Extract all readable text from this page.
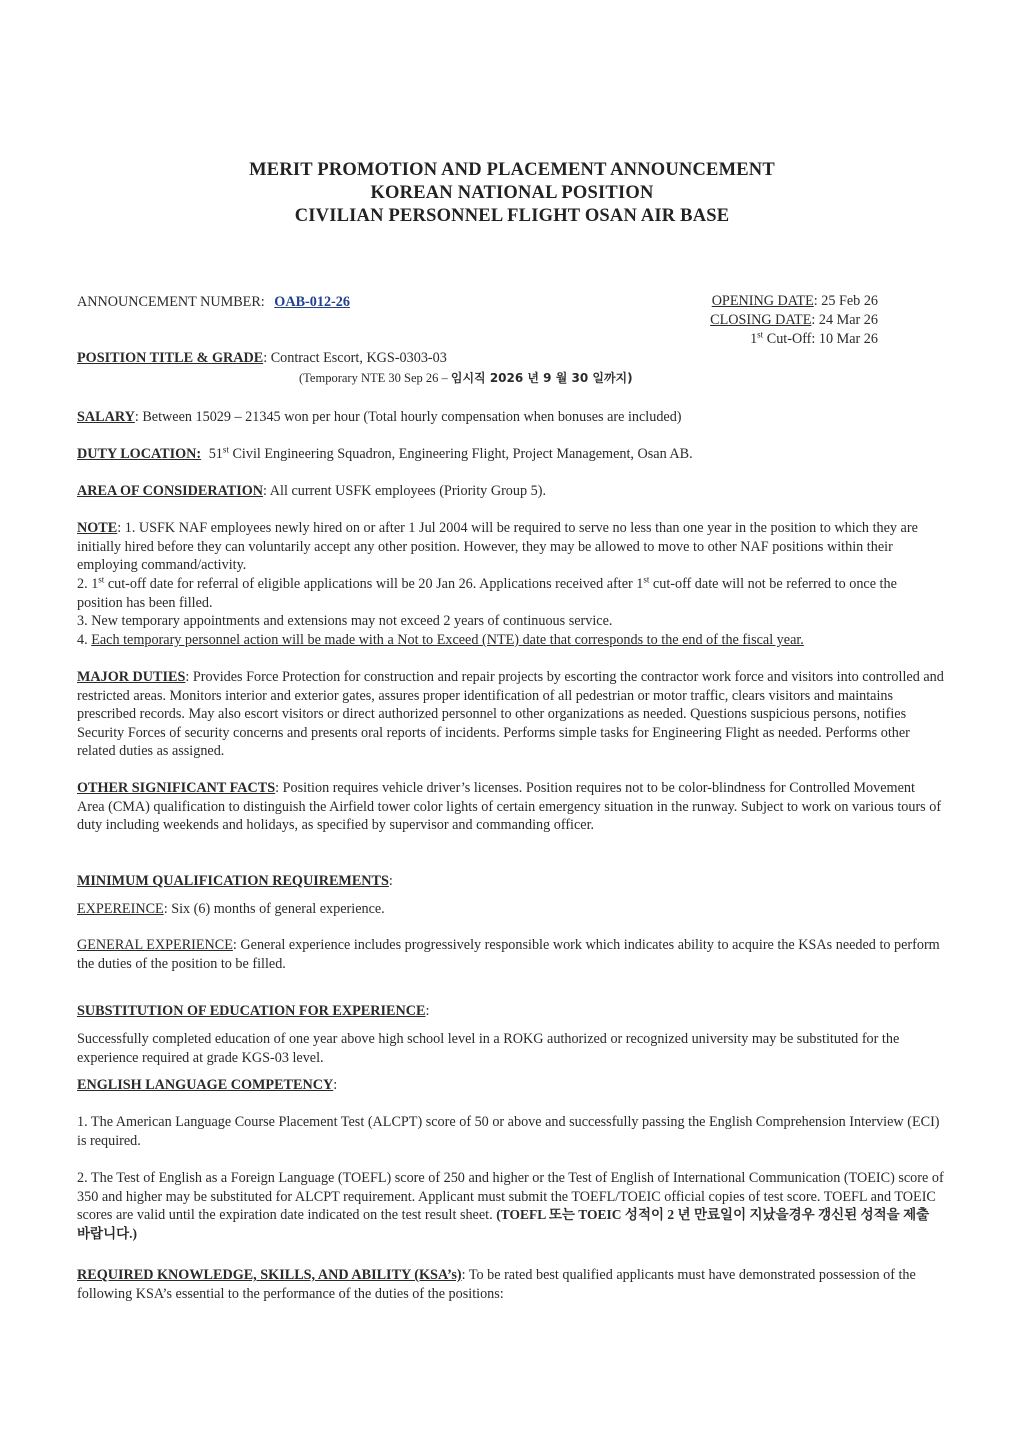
MERIT PROMOTION AND PLACEMENT ANNOUNCEMENT
KOREAN NATIONAL POSITION
CIVILIAN PERSONNEL FLIGHT OSAN AIR BASE
ANNOUNCEMENT NUMBER: OAB-012-26	OPENING DATE: 25 Feb 26
CLOSING DATE: 24 Mar 26
1st Cut-Off: 10 Mar 26
POSITION TITLE & GRADE: Contract Escort, KGS-0303-03
(Temporary NTE 30 Sep 26 – 임시직 2026 년 9 월 30 일까지)
SALARY: Between 15029 – 21345 won per hour (Total hourly compensation when bonuses are included)
DUTY LOCATION: 51st Civil Engineering Squadron, Engineering Flight, Project Management, Osan AB.
AREA OF CONSIDERATION: All current USFK employees (Priority Group 5).
NOTE: 1. USFK NAF employees newly hired on or after 1 Jul 2004 will be required to serve no less than one year in the position to which they are initially hired before they can voluntarily accept any other position. However, they may be allowed to move to other NAF positions within their employing command/activity.
2. 1st cut-off date for referral of eligible applications will be 20 Jan 26. Applications received after 1st cut-off date will not be referred to once the position has been filled.
3. New temporary appointments and extensions may not exceed 2 years of continuous service.
4. Each temporary personnel action will be made with a Not to Exceed (NTE) date that corresponds to the end of the fiscal year.
MAJOR DUTIES: Provides Force Protection for construction and repair projects by escorting the contractor work force and visitors into controlled and restricted areas. Monitors interior and exterior gates, assures proper identification of all pedestrian or motor traffic, clears visitors and maintains prescribed records. May also escort visitors or direct authorized personnel to other organizations as needed. Questions suspicious persons, notifies Security Forces of security concerns and presents oral reports of incidents. Performs simple tasks for Engineering Flight as needed. Performs other related duties as assigned.
OTHER SIGNIFICANT FACTS: Position requires vehicle driver’s licenses. Position requires not to be color-blindness for Controlled Movement Area (CMA) qualification to distinguish the Airfield tower color lights of certain emergency situation in the runway. Subject to work on various tours of duty including weekends and holidays, as specified by supervisor and commanding officer.
MINIMUM QUALIFICATION REQUIREMENTS:
EXPEREINCE: Six (6) months of general experience.
GENERAL EXPERIENCE: General experience includes progressively responsible work which indicates ability to acquire the KSAs needed to perform the duties of the position to be filled.
SUBSTITUTION OF EDUCATION FOR EXPERIENCE:
Successfully completed education of one year above high school level in a ROKG authorized or recognized university may be substituted for the experience required at grade KGS-03 level.
ENGLISH LANGUAGE COMPETENCY:
1. The American Language Course Placement Test (ALCPT) score of 50 or above and successfully passing the English Comprehension Interview (ECI) is required.
2. The Test of English as a Foreign Language (TOEFL) score of 250 and higher or the Test of English of International Communication (TOEIC) score of 350 and higher may be substituted for ALCPT requirement. Applicant must submit the TOEFL/TOEIC official copies of test score. TOEFL and TOEIC scores are valid until the expiration date indicated on the test result sheet. (TOEFL 또는 TOEIC 성적이 2 년 만료일이 지났을경우 갱신된 성적을 제출 바랍니다.)
REQUIRED KNOWLEDGE, SKILLS, AND ABILITY (KSA’s): To be rated best qualified applicants must have demonstrated possession of the following KSA’s essential to the performance of the duties of the positions:
